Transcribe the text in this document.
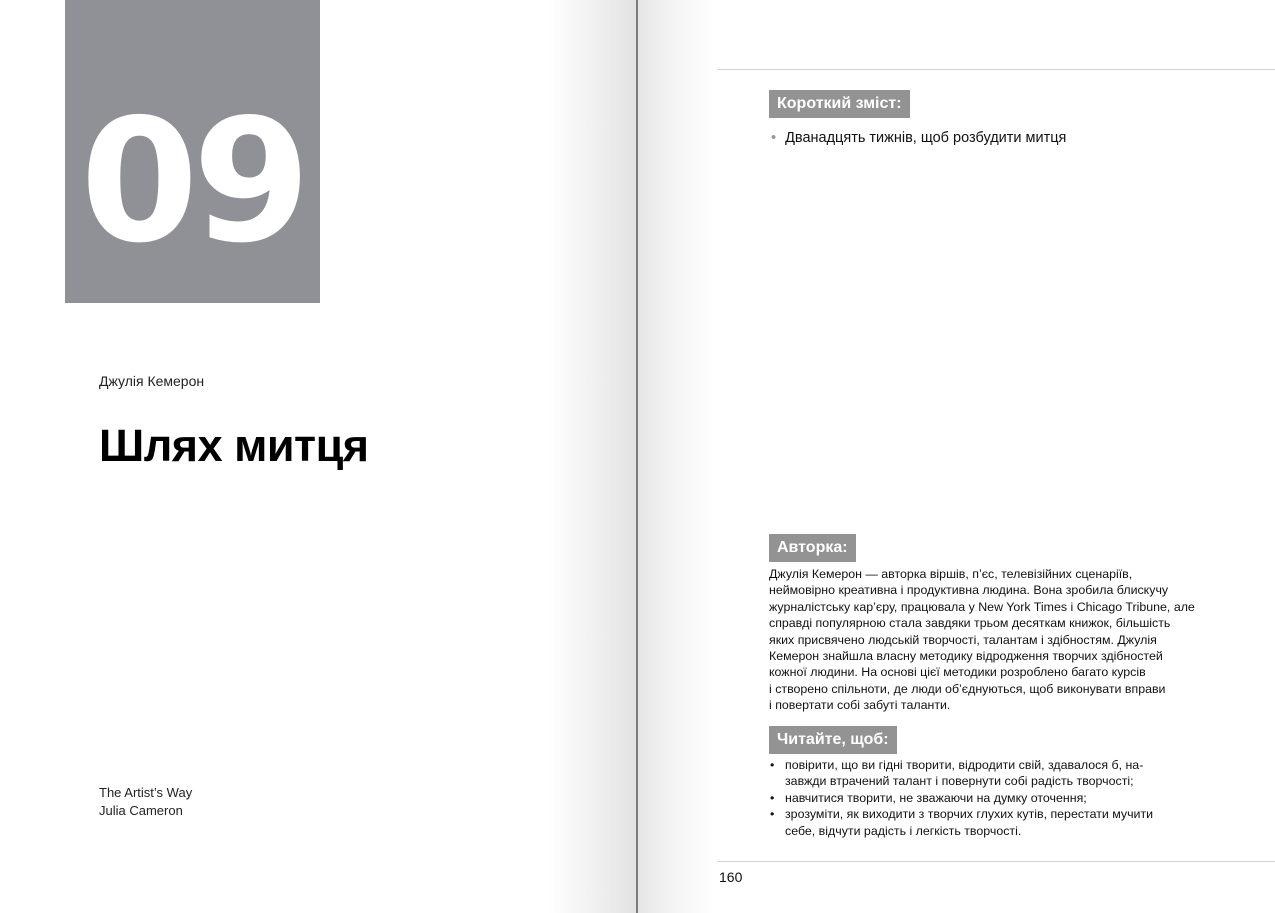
09
Джулія Кемерон
Шлях митця
The Artist’s Way
Julia Cameron
Короткий зміст:
• Дванадцять тижнів, щоб розбудити митця
Авторка:
Джулія Кемерон — авторка віршів, п’єс, телевізійних сценаріїв,
неймовірно креативна і продуктивна людина. Вона зробила блискучу
журналістську кар’єру, працювала у New York Times і Chicago Tribune, але
справді популярною стала завдяки трьом десяткам книжок, більшість
яких присвячено людській творчості, талантам і здібностям. Джулія
Кемерон знайшла власну методику відродження творчих здібностей
кожної людини. На основі цієї методики розроблено багато курсів
і створено спільноти, де люди об’єднуються, щоб виконувати вправи
і повертати собі забуті таланти.
Читайте, щоб:
• повірити, що ви гідні творити, відродити свій, здавалося б, на-
завжди втрачений талант і повернути собі радість творчості;
• навчитися творити, не зважаючи на думку оточення;
• зрозуміти, як виходити з творчих глухих кутів, перестати мучити
себе, відчути радість і легкість творчості.
160
